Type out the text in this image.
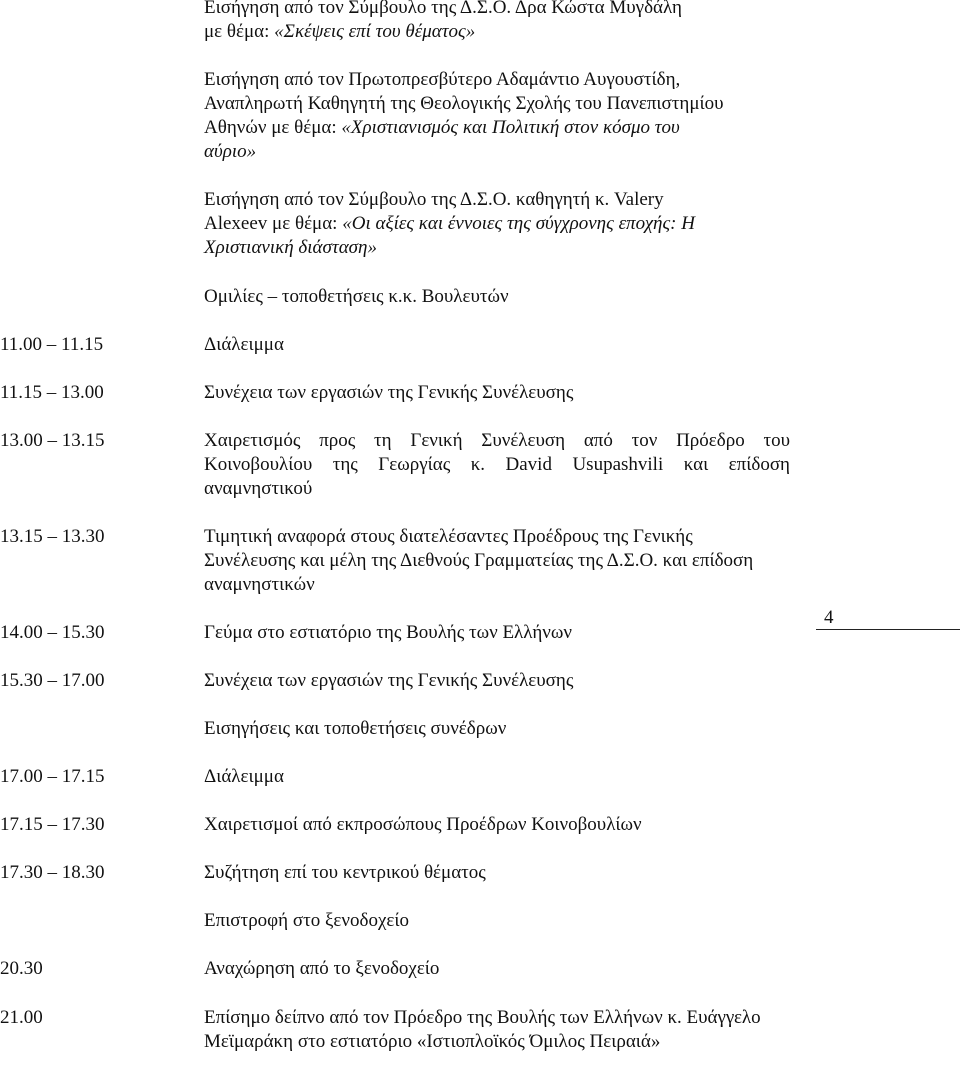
Εισήγηση από τον Σύμβουλο της Δ.Σ.Ο. Δρα Κώστα Μυγδάλη
με θέμα: «Σκέψεις επί του θέματος»
Εισήγηση από τον Πρωτοπρεσβύτερο Αδαμάντιο Αυγουστίδη,
Αναπληρωτή Καθηγητή της Θεολογικής Σχολής του Πανεπιστημίου
Αθηνών με θέμα: «Χριστιανισμός και Πολιτική στον κόσμο του
αύριο»
Εισήγηση από τον Σύμβουλο της Δ.Σ.Ο. καθηγητή κ. Valery
Alexeev με θέμα: «Οι αξίες και έννοιες της σύγχρονης εποχής: Η
Χριστιανική διάσταση»
Ομιλίες – τοποθετήσεις κ.κ. Βουλευτών
11.00 – 11.15	Διάλειμμα
11.15 – 13.00	Συνέχεια των εργασιών της Γενικής Συνέλευσης
13.00 – 13.15	Χαιρετισμός προς τη Γενική Συνέλευση από τον Πρόεδρο του Κοινοβουλίου της Γεωργίας κ. David Usupashvili και επίδοση αναμνηστικού
13.15 – 13.30	Τιμητική αναφορά στους διατελέσαντες Προέδρους της Γενικής Συνέλευσης και μέλη της Διεθνούς Γραμματείας της Δ.Σ.Ο. και επίδοση αναμνηστικών
14.00 – 15.30	Γεύμα στο εστιατόριο της Βουλής των Ελλήνων
15.30 – 17.00	Συνέχεια των εργασιών της Γενικής Συνέλευσης
Εισηγήσεις και τοποθετήσεις συνέδρων
17.00 – 17.15	Διάλειμμα
17.15 – 17.30	Χαιρετισμοί από εκπροσώπους Προέδρων Κοινοβουλίων
17.30 – 18.30	Συζήτηση επί του κεντρικού θέματος
Επιστροφή στο ξενοδοχείο
20.30	Αναχώρηση από το ξενοδοχείο
21.00	Επίσημο δείπνο από τον Πρόεδρο της Βουλής των Ελλήνων κ. Ευάγγελο Μεϊμαράκη στο εστιατόριο «Ιστιοπλοϊκός Όμιλος Πειραιά»
4
